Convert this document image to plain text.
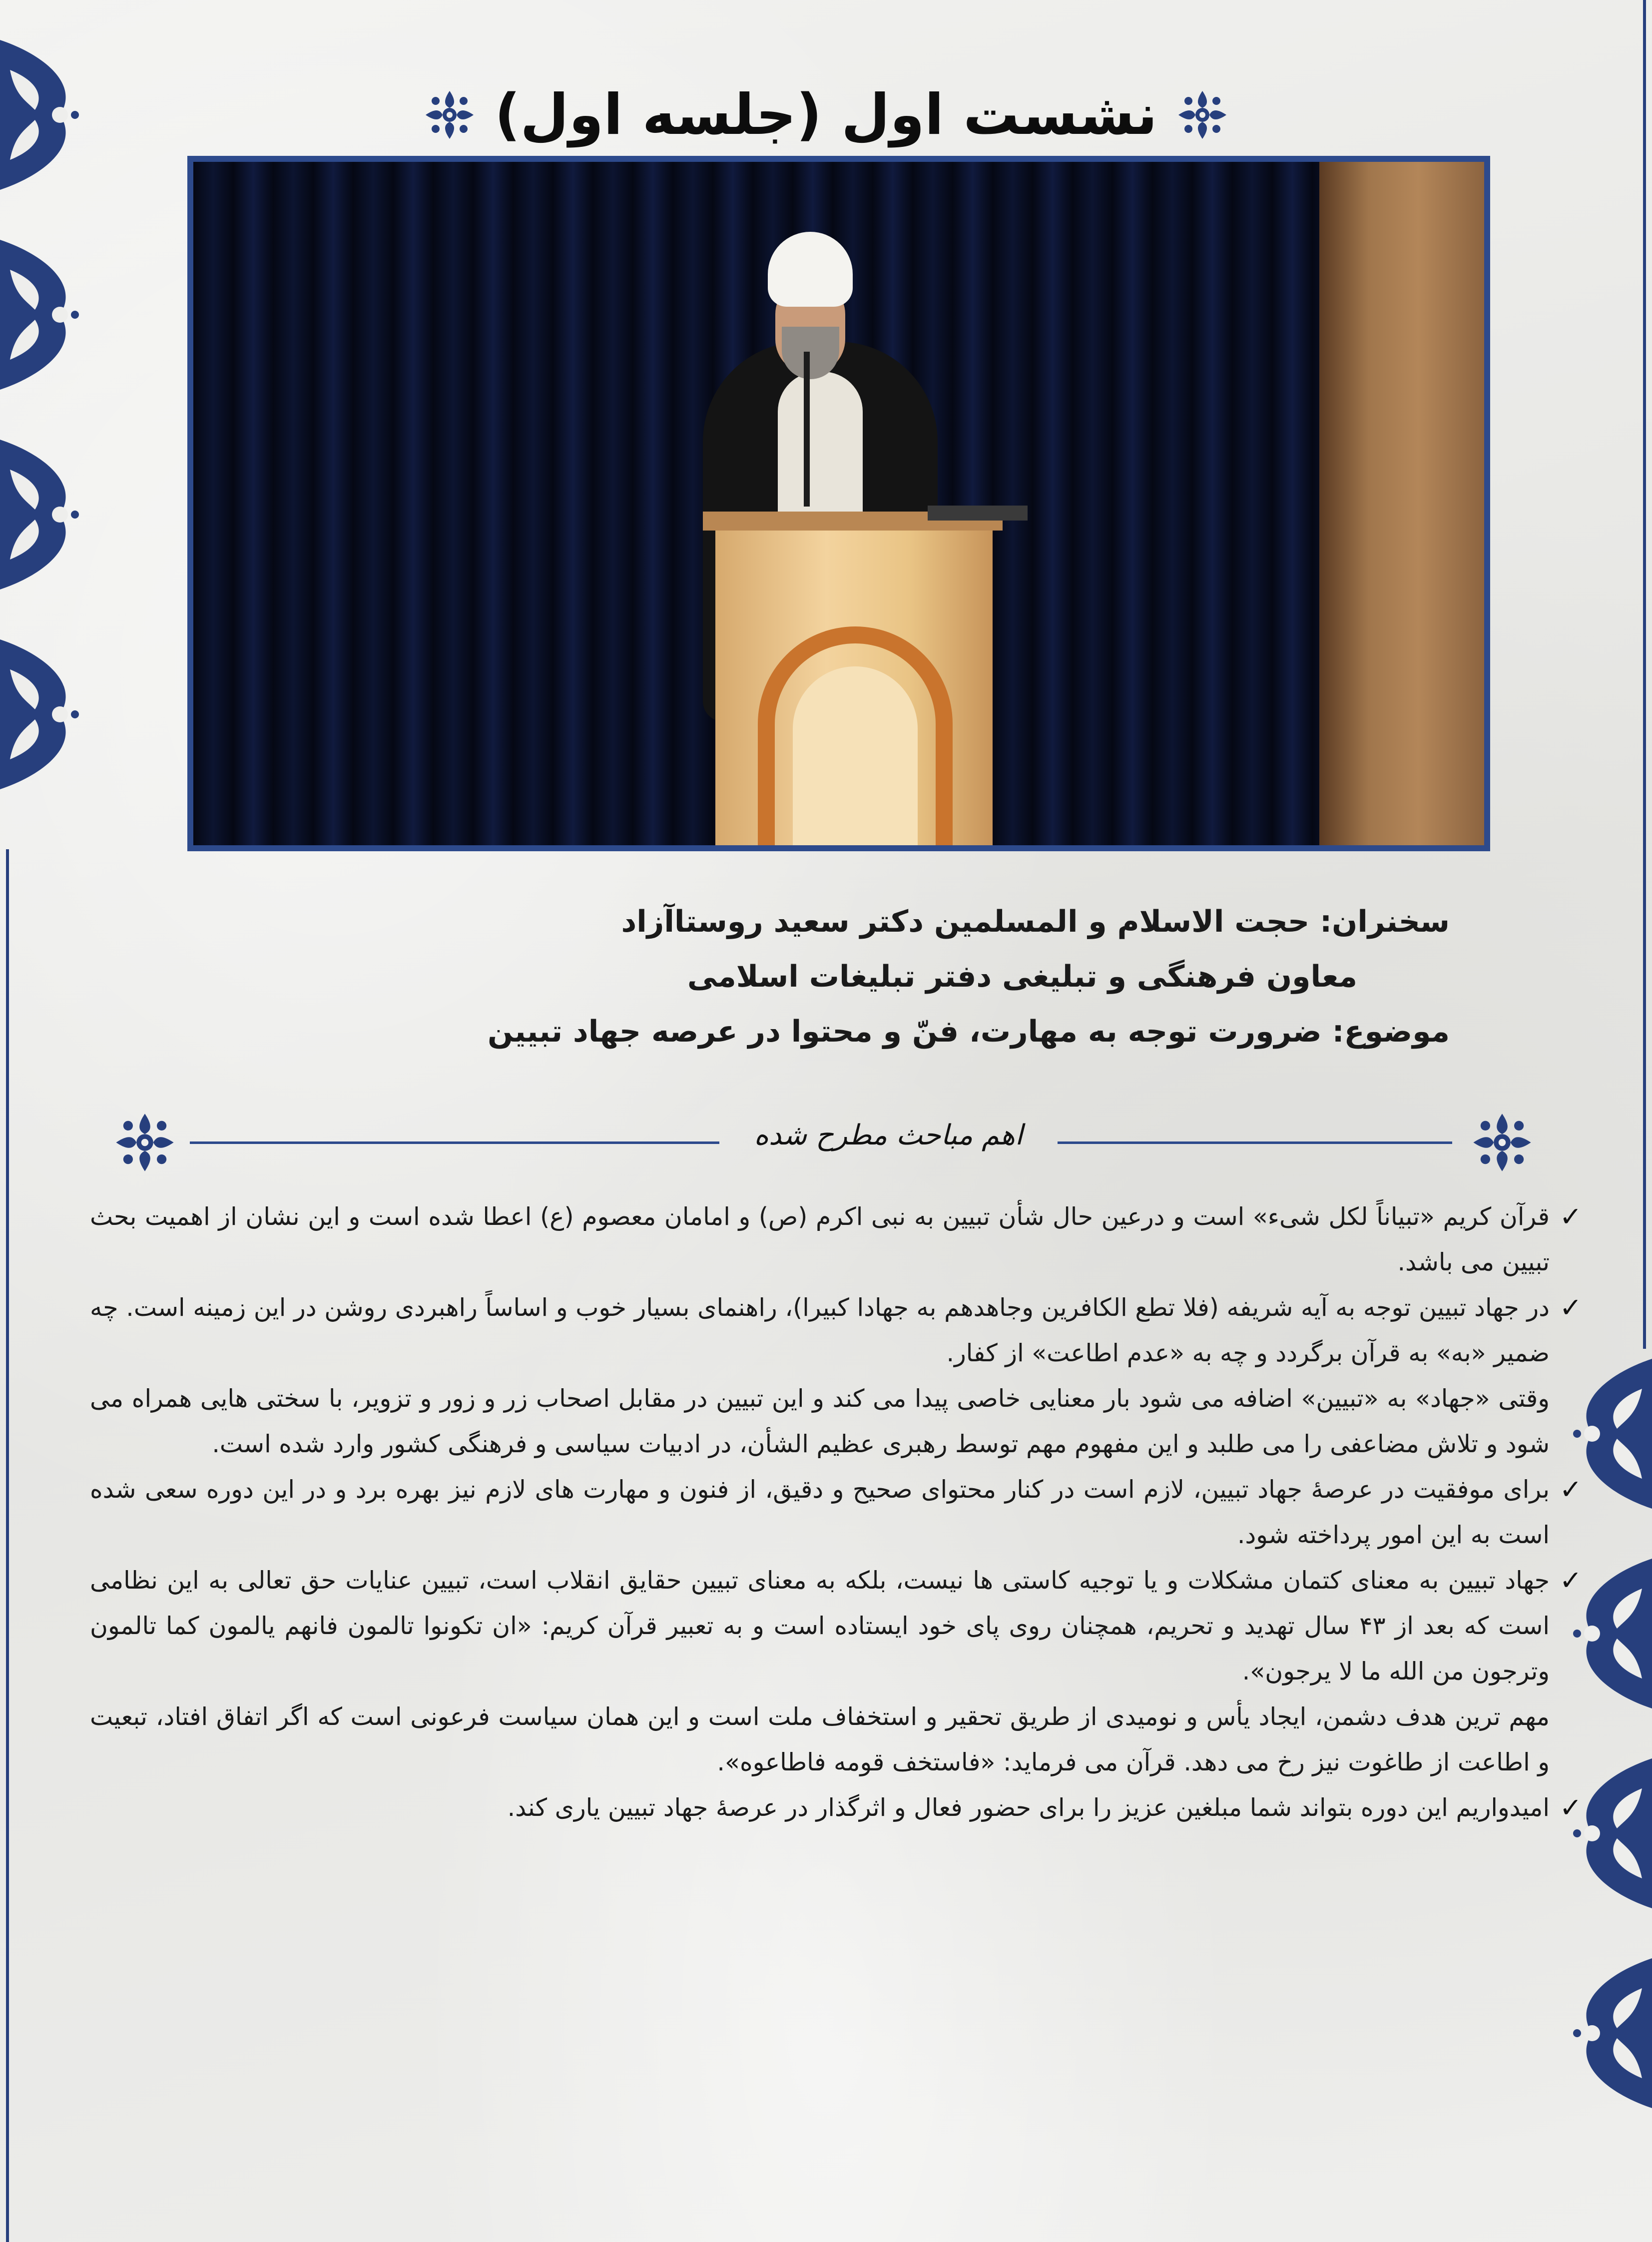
نشست اول (جلسه اول)
سخنران: حجت الاسلام و المسلمین دکتر سعید روستاآزاد
معاون فرهنگی و تبلیغی دفتر تبلیغات اسلامی
موضوع: ضرورت توجه به مهارت، فنّ و محتوا در عرصه جهاد تبیین
اهم مباحث مطرح شده
✓
قرآن کریم «تبیاناً لکل شیء» است و درعین حال شأن تبیین به نبی اکرم (ص) و امامان معصوم (ع) اعطا شده است و این نشان از اهمیت بحث تبیین می باشد.
✓
در جهاد تبیین توجه به آیه شریفه (فلا تطع الکافرین وجاهدهم به جهادا کبیرا)، راهنمای بسیار خوب و اساساً راهبردی روشن در این زمینه است. چه ضمیر «به» به قرآن برگردد و چه به «عدم اطاعت» از کفار.
وقتی «جهاد» به «تبیین» اضافه می شود بار معنایی خاصی پیدا می کند و این تبیین در مقابل اصحاب زر و زور و تزویر، با سختی هایی همراه می شود و تلاش مضاعفی را می طلبد و این مفهوم مهم توسط رهبری عظیم الشأن، در ادبیات سیاسی و فرهنگی کشور وارد شده است.
✓
برای موفقیت در عرصۀ جهاد تبیین، لازم است در کنار محتوای صحیح و دقیق، از فنون و مهارت های لازم نیز بهره برد و در این دوره سعی شده است به این امور پرداخته شود.
✓
جهاد تبیین به معنای کتمان مشکلات و یا توجیه کاستی ها نیست، بلکه به معنای تبیین حقایق انقلاب است، تبیین عنایات حق تعالی به این نظامی است که بعد از ۴۳ سال تهدید و تحریم، همچنان روی پای خود ایستاده است و به تعبیر قرآن کریم: «ان تکونوا تالمون فانهم یالمون کما تالمون وترجون من الله ما لا یرجون».
مهم ترین هدف دشمن، ایجاد یأس و نومیدی از طریق تحقیر و استخفاف ملت است و این همان سیاست فرعونی است که اگر اتفاق افتاد، تبعیت و اطاعت از طاغوت نیز رخ می دهد. قرآن می فرماید: «فاستخف قومه فاطاعوه».
✓
امیدواریم این دوره بتواند شما مبلغین عزیز را برای حضور فعال و اثرگذار در عرصۀ جهاد تبیین یاری کند.
